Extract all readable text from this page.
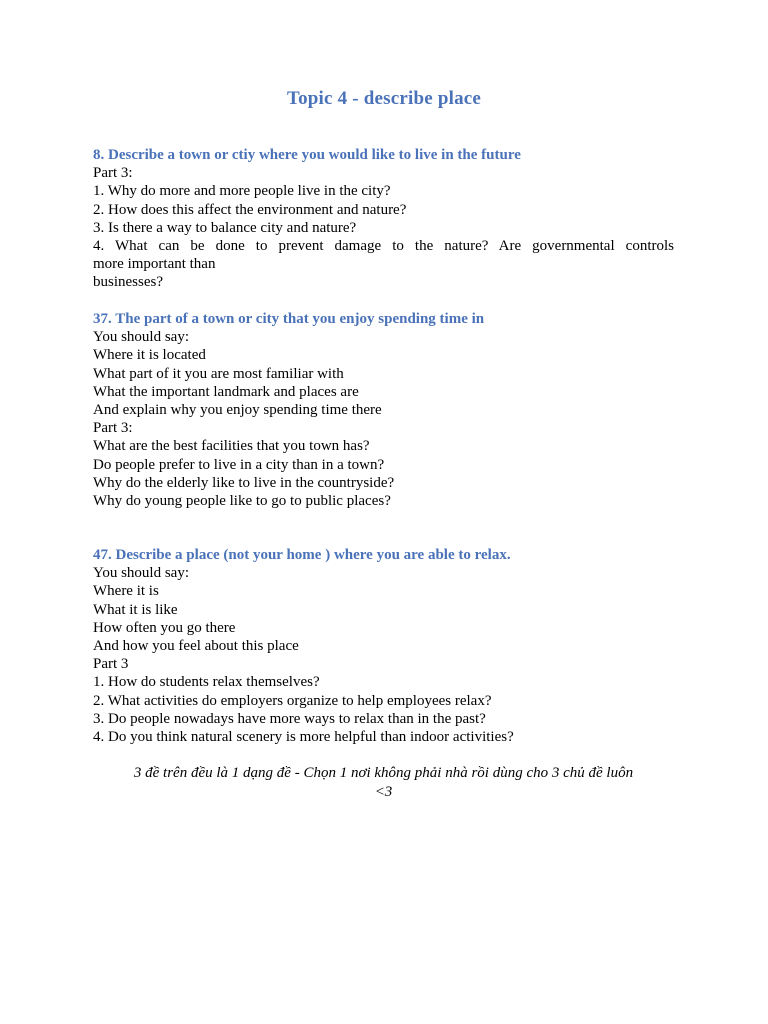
Topic 4 - describe place
8. Describe a town or ctiy where you would like to live in the future
Part 3:
1. Why do more and more people live in the city?
2. How does this affect the environment and nature?
3. Is there a way to balance city and nature?
4. What can be done to prevent damage to the nature? Are governmental controls
more important than
businesses?
37. The part of a town or city that you enjoy spending time in
You should say:
Where it is located
What part of it you are most familiar with
What the important landmark and places are
And explain why you enjoy spending time there
Part 3:
What are the best facilities that you town has?
Do people prefer to live in a city than in a town?
Why do the elderly like to live in the countryside?
Why do young people like to go to public places?
47. Describe a place (not your home ) where you are able to relax.
You should say:
Where it is
What it is like
How often you go there
And how you feel about this place
Part 3
1. How do students relax themselves?
2. What activities do employers organize to help employees relax?
3. Do people nowadays have more ways to relax than in the past?
4. Do you think natural scenery is more helpful than indoor activities?
3 đề trên đều là 1 dạng đề - Chọn 1 nơi không phải nhà rồi dùng cho 3 chủ đề luôn
<3
